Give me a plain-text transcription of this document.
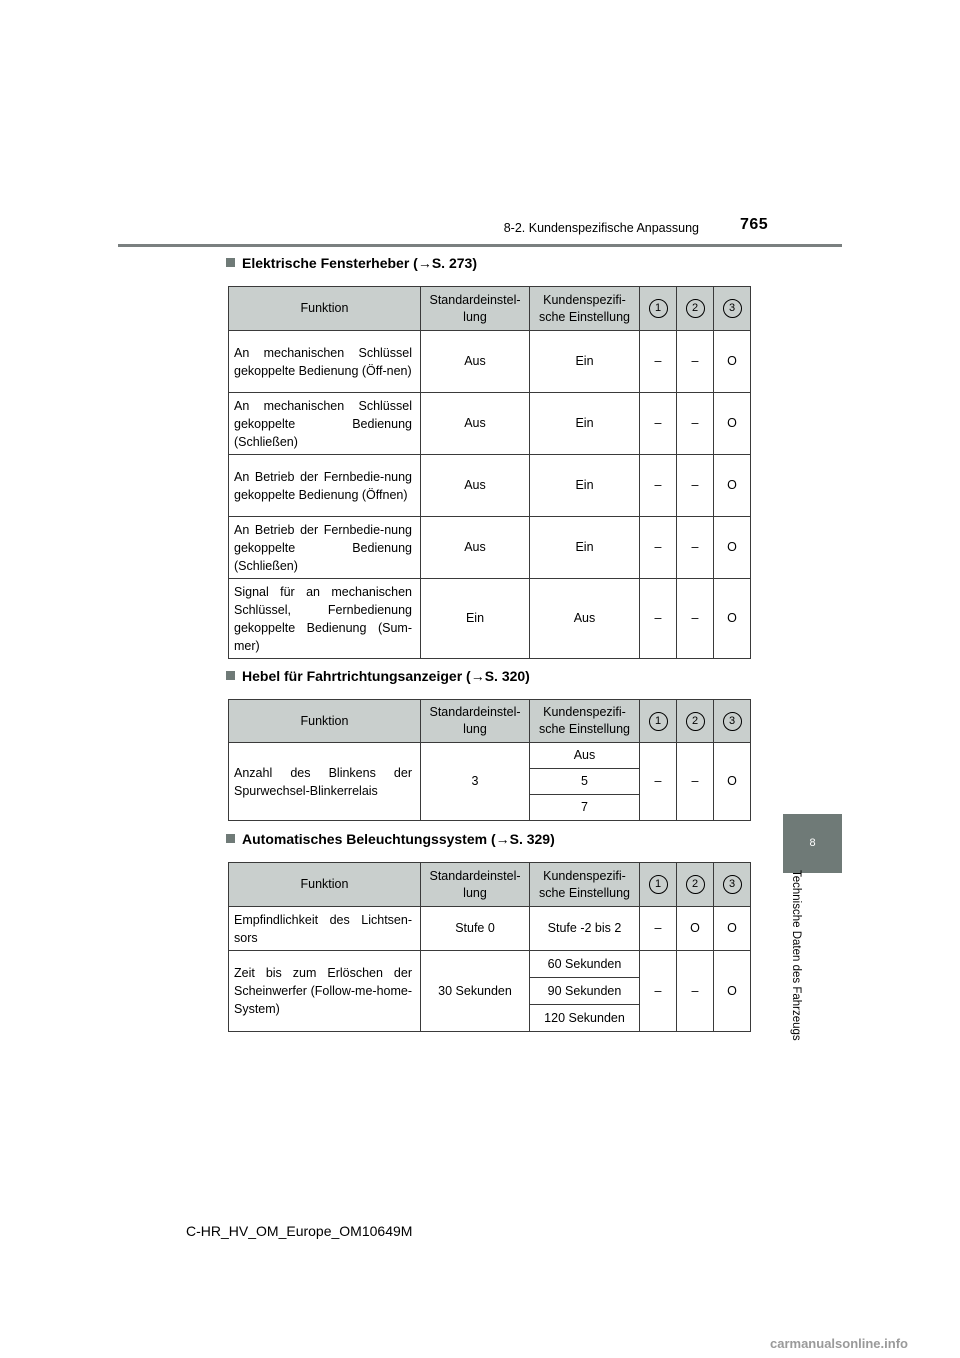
8-2. Kundenspezifische Anpassung	765
8
Technische Daten des Fahrzeugs
Elektrische Fensterheber (→S. 273)
Funktion	Standardeinstel-lung	Kundenspezifi-sche Einstellung	1	2	3
An mechanischen Schlüssel gekoppelte Bedienung (Öff-nen)	Aus	Ein	–	–	O
An mechanischen Schlüssel gekoppelte Bedienung (Schließen)	Aus	Ein	–	–	O
An Betrieb der Fernbedie-nung gekoppelte Bedienung (Öffnen)	Aus	Ein	–	–	O
An Betrieb der Fernbedie-nung gekoppelte Bedienung (Schließen)	Aus	Ein	–	–	O
Signal für an mechanischen Schlüssel, Fernbedienung gekoppelte Bedienung (Sum-mer)	Ein	Aus	–	–	O
Hebel für Fahrtrichtungsanzeiger (→S. 320)
Funktion	Standardeinstel-lung	Kundenspezifi-sche Einstellung	1	2	3
Anzahl des Blinkens der Spurwechsel-Blinkerrelais	3	Aus	–	–	O
		5			
		7			
Automatisches Beleuchtungssystem (→S. 329)
Funktion	Standardeinstel-lung	Kundenspezifi-sche Einstellung	1	2	3
Empfindlichkeit des Lichtsen-sors	Stufe 0	Stufe -2 bis 2	–	O	O
Zeit bis zum Erlöschen der Scheinwerfer (Follow-me-home-System)	30 Sekunden	60 Sekunden	–	–	O
		90 Sekunden			
		120 Sekunden			
C-HR_HV_OM_Europe_OM10649M
carmanualsonline.info
